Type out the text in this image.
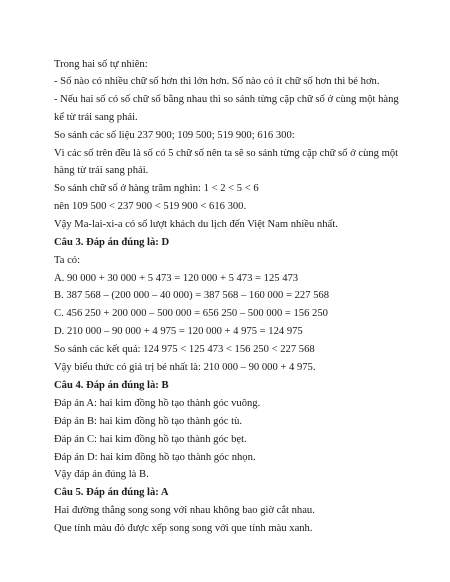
Trong hai số tự nhiên:
- Số nào có nhiều chữ số hơn thì lớn hơn. Số nào có ít chữ số hơn thì bé hơn.
- Nếu hai số có số chữ số bằng nhau thì so sánh từng cặp chữ số ở cùng một hàng
kể từ trái sang phải.
So sánh các số liệu 237 900; 109 500; 519 900; 616 300:
Vì các số trên đều là số có 5 chữ số nên ta sẽ so sánh từng cặp chữ số ở cùng một
hàng từ trái sang phải.
So sánh chữ số ở hàng trăm nghìn: 1 < 2 < 5 < 6
nên 109 500 < 237 900 < 519 900 < 616 300.
Vậy Ma-lai-xi-a có số lượt khách du lịch đến Việt Nam nhiều nhất.
Câu 3. Đáp án đúng là: D
Ta có:
A. 90 000 + 30 000 + 5 473 = 120 000 + 5 473 = 125 473
B. 387 568 – (200 000 – 40 000) = 387 568 – 160 000 = 227 568
C. 456 250 + 200 000 – 500 000 = 656 250 – 500 000 = 156 250
D. 210 000 – 90 000 + 4 975 = 120 000 + 4 975 = 124 975
So sánh các kết quả: 124 975 < 125 473 < 156 250 < 227 568
Vậy biểu thức có giá trị bé nhất là: 210 000 – 90 000 + 4 975.
Câu 4. Đáp án đúng là: B
Đáp án A: hai kim đồng hồ tạo thành góc vuông.
Đáp án B: hai kim đồng hồ tạo thành góc tù.
Đáp án C: hai kim đồng hồ tạo thành góc bẹt.
Đáp án D: hai kim đồng hồ tạo thành góc nhọn.
Vậy đáp án đúng là B.
Câu 5. Đáp án đúng là: A
Hai đường thẳng song song với nhau không bao giờ cắt nhau.
Que tính màu đỏ được xếp song song với que tính màu xanh.
